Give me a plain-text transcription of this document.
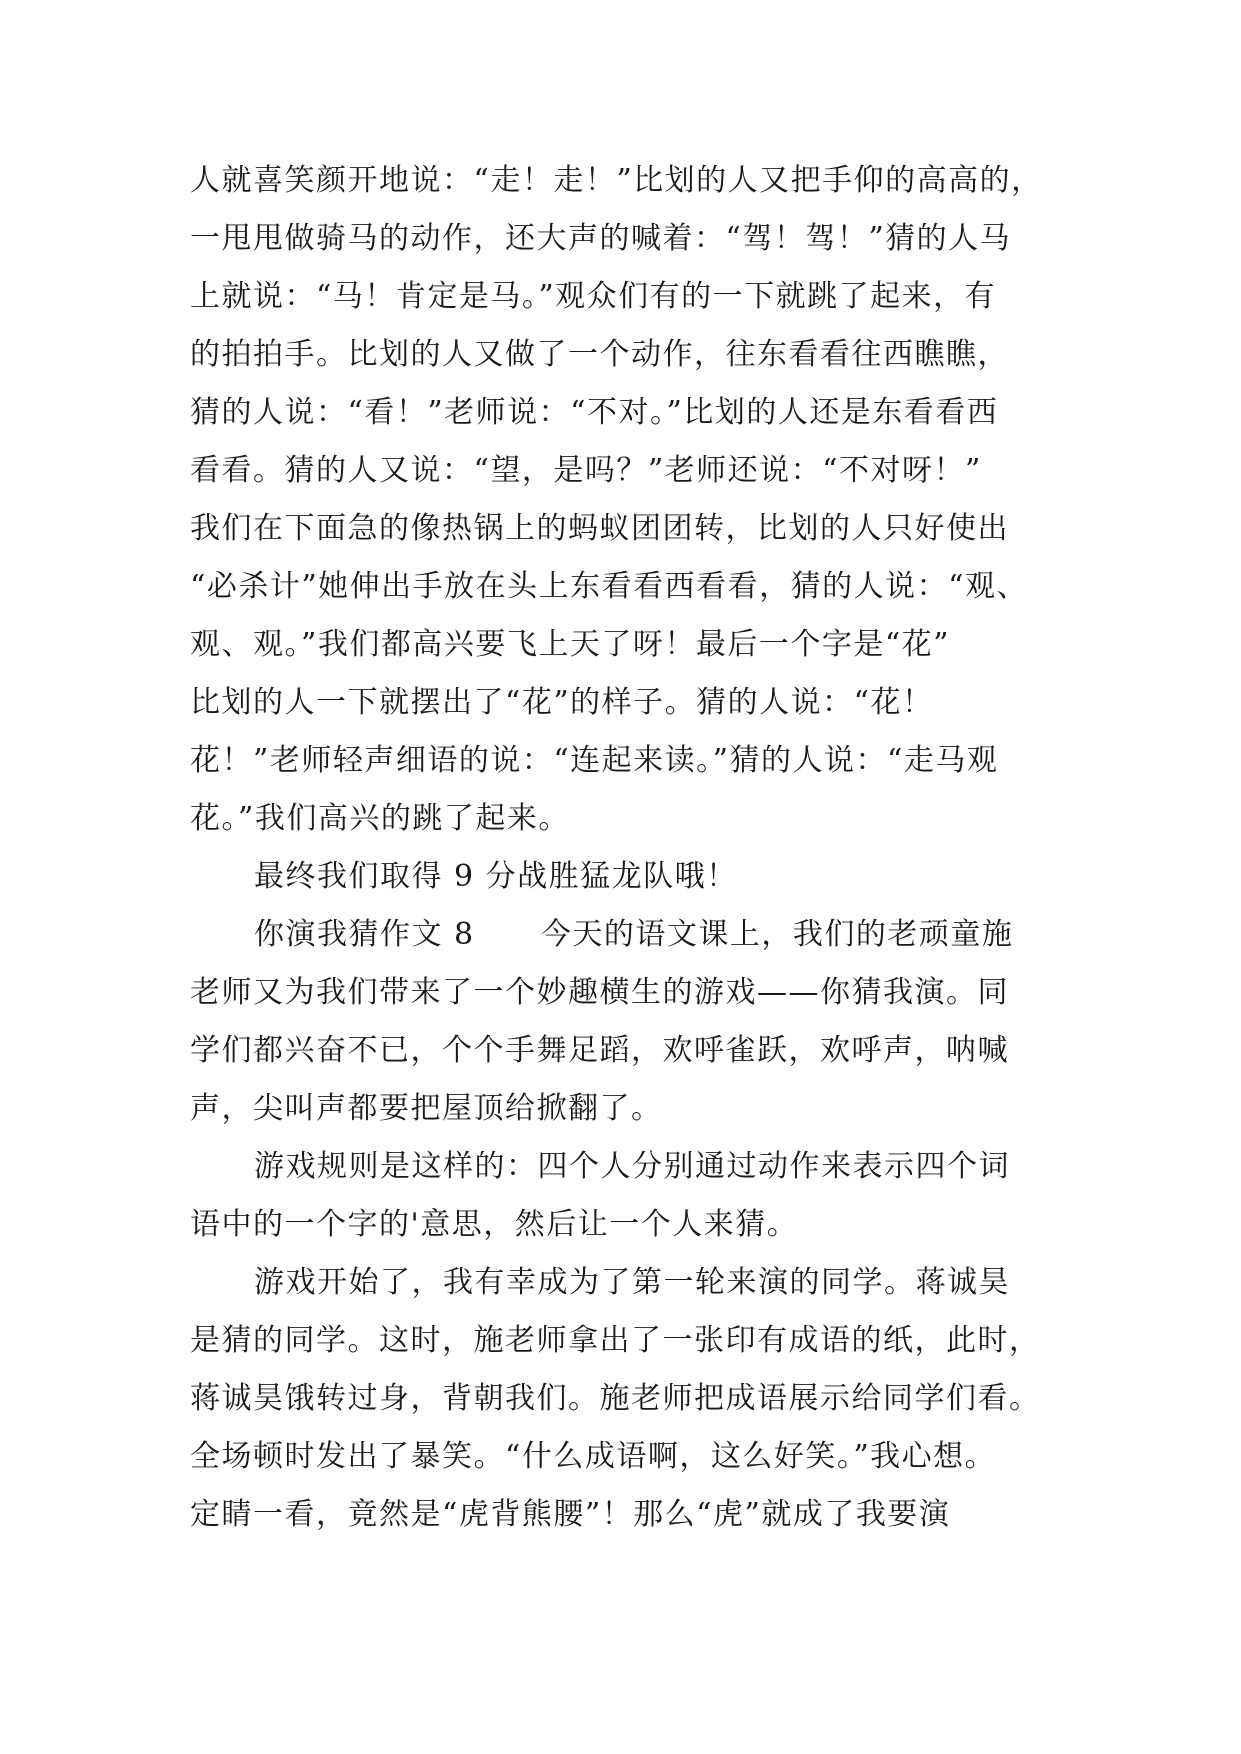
人就喜笑颜开地说：“走！走！”比划的人又把手仰的高高的，
一甩甩做骑马的动作，还大声的喊着：“驾！驾！”猜的人马
上就说：“马！肯定是马。”观众们有的一下就跳了起来，有
的拍拍手。比划的人又做了一个动作，往东看看往西瞧瞧，
猜的人说：“看！”老师说：“不对。”比划的人还是东看看西
看看。猜的人又说：“望，是吗？”老师还说：“不对呀！”
我们在下面急的像热锅上的蚂蚁团团转，比划的人只好使出
“必杀计”她伸出手放在头上东看看西看看，猜的人说：“观、
观、观。”我们都高兴要飞上天了呀！最后一个字是“花”
比划的人一下就摆出了“花”的样子。猜的人说：“花！
花！”老师轻声细语的说：“连起来读。”猜的人说：“走马观
花。”我们高兴的跳了起来。
最终我们取得 9 分战胜猛龙队哦！
你演我猜作文 8      今天的语文课上，我们的老顽童施
老师又为我们带来了一个妙趣横生的游戏——你猜我演。同
学们都兴奋不已，个个手舞足蹈，欢呼雀跃，欢呼声，呐喊
声，尖叫声都要把屋顶给掀翻了。
游戏规则是这样的：四个人分别通过动作来表示四个词
语中的一个字的'意思，然后让一个人来猜。
游戏开始了，我有幸成为了第一轮来演的同学。蒋诚昊
是猜的同学。这时，施老师拿出了一张印有成语的纸，此时，
蒋诚昊饿转过身，背朝我们。施老师把成语展示给同学们看。
全场顿时发出了暴笑。“什么成语啊，这么好笑。”我心想。
定睛一看，竟然是“虎背熊腰”！那么“虎”就成了我要演
